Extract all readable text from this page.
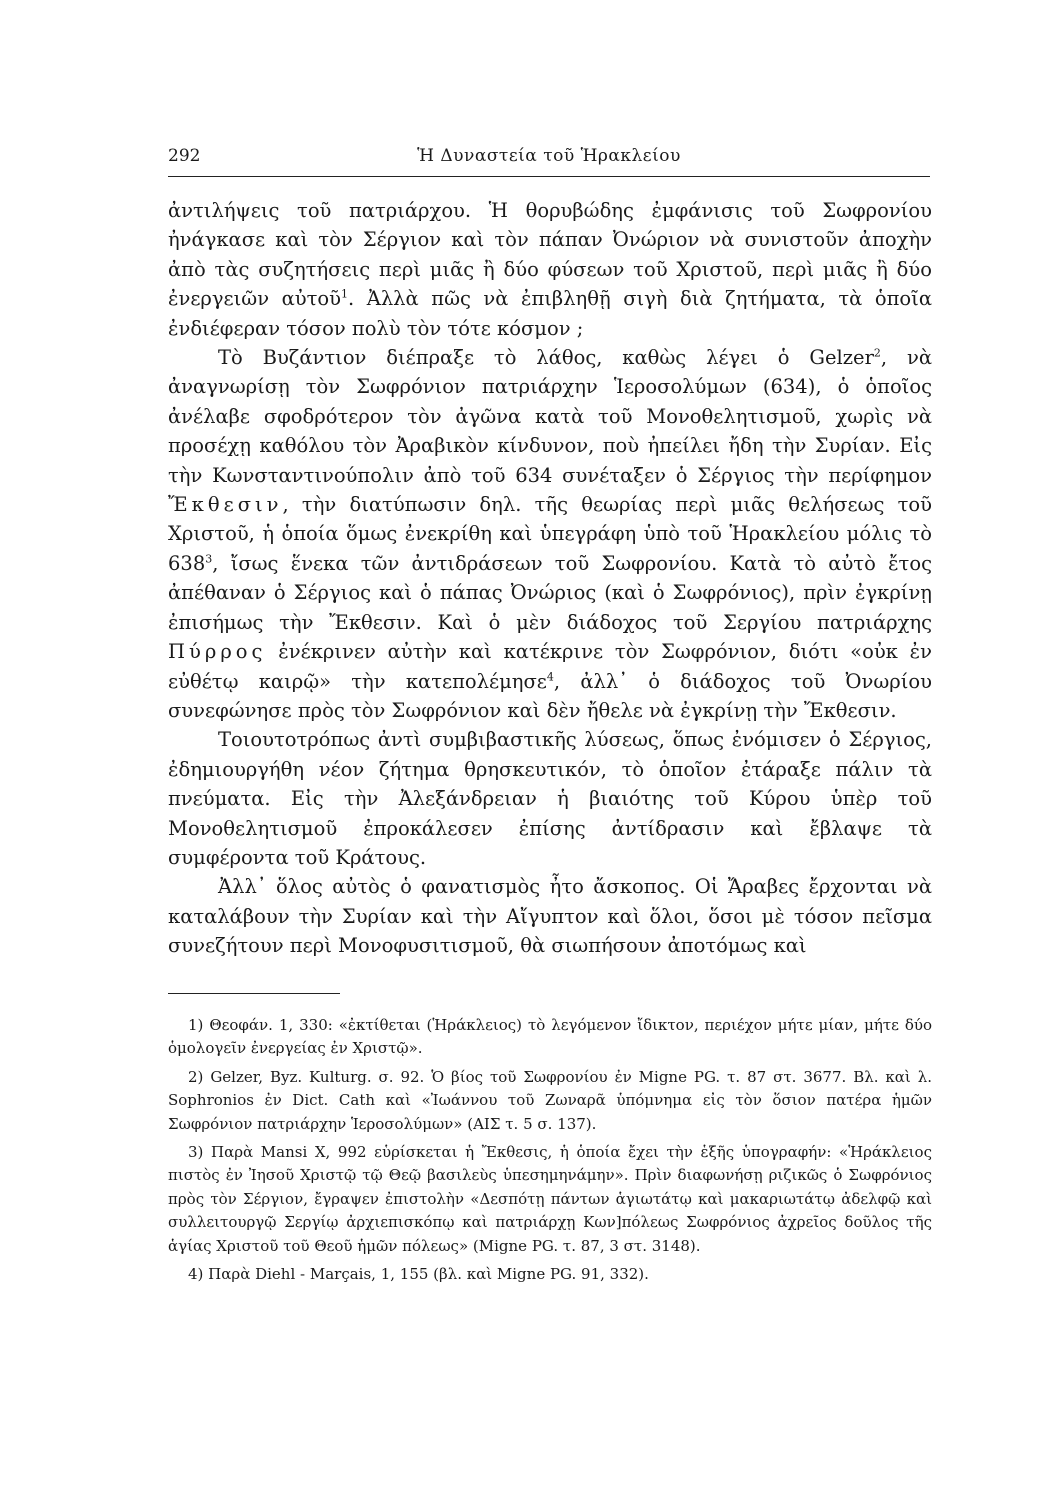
292	Ἡ Δυναστεία τοῦ Ἡρακλείου

ἀντιλήψεις τοῦ πατριάρχου. Ἡ θορυβώδης ἐμφάνισις τοῦ Σωφρονίου ἠνάγκασε καὶ τὸν Σέργιον καὶ τὸν πάπαν Ὀνώριον νὰ συνιστοῦν ἀποχὴν ἀπὸ τὰς συζητήσεις περὶ μιᾶς ἢ δύο φύσεων τοῦ Χριστοῦ, περὶ μιᾶς ἢ δύο ἐνεργειῶν αὐτοῦ$^1$. Ἀλλὰ πῶς νὰ ἐπιβληθῇ σιγὴ διὰ ζητήματα, τὰ ὁποῖα ἐνδιέφεραν τόσον πολὺ τὸν τότε κόσμον ;

Τὸ Βυζάντιον διέπραξε τὸ λάθος, καθὼς λέγει ὁ Gelzer$^2$, νὰ ἀναγνωρίσῃ τὸν Σωφρόνιον πατριάρχην Ἱεροσολύμων (634), ὁ ὁποῖος ἀνέλαβε σφοδρότερον τὸν ἀγῶνα κατὰ τοῦ Μονοθελητισμοῦ, χωρὶς νὰ προσέχῃ καθόλου τὸν Ἀραβικὸν κίνδυνον, ποὺ ἠπείλει ἤδη τὴν Συρίαν. Εἰς τὴν Κωνσταντινούπολιν ἀπὸ τοῦ 634 συνέταξεν ὁ Σέργιος τὴν περίφημον Ἔκθεσιν, τὴν διατύπωσιν δηλ. τῆς θεωρίας περὶ μιᾶς θελήσεως τοῦ Χριστοῦ, ἡ ὁποία ὅμως ἐνεκρίθη καὶ ὑπεγράφη ὑπὸ τοῦ Ἡρακλείου μόλις τὸ 638$^3$, ἴσως ἕνεκα τῶν ἀντιδράσεων τοῦ Σωφρονίου. Κατὰ τὸ αὐτὸ ἔτος ἀπέθαναν ὁ Σέργιος καὶ ὁ πάπας Ὀνώριος (καὶ ὁ Σωφρόνιος), πρὶν ἐγκρίνῃ ἐπισήμως τὴν Ἔκθεσιν. Καὶ ὁ μὲν διάδοχος τοῦ Σεργίου πατριάρχης Πύρρος ἐνέκρινεν αὐτὴν καὶ κατέκρινε τὸν Σωφρόνιον, διότι «οὐκ ἐν εὐθέτῳ καιρῷ» τὴν κατεπολέμησε$^4$, ἀλλ᾿ ὁ διάδοχος τοῦ Ὀνωρίου συνεφώνησε πρὸς τὸν Σωφρόνιον καὶ δὲν ἤθελε νὰ ἐγκρίνῃ τὴν Ἔκθεσιν.

Τοιουτοτρόπως ἀντὶ συμβιβαστικῆς λύσεως, ὅπως ἐνόμισεν ὁ Σέργιος, ἐδημιουργήθη νέον ζήτημα θρησκευτικόν, τὸ ὁποῖον ἐτάραξε πάλιν τὰ πνεύματα. Εἰς τὴν Ἀλεξάνδρειαν ἡ βιαιότης τοῦ Κύρου ὑπὲρ τοῦ Μονοθελητισμοῦ ἐπροκάλεσεν ἐπίσης ἀντίδρασιν καὶ ἔβλαψε τὰ συμφέροντα τοῦ Κράτους.

Ἀλλ᾿ ὅλος αὐτὸς ὁ φανατισμὸς ἦτο ἄσκοπος. Οἱ Ἄραβες ἔρχονται νὰ καταλάβουν τὴν Συρίαν καὶ τὴν Αἴγυπτον καὶ ὅλοι, ὅσοι μὲ τόσον πεῖσμα συνεζήτουν περὶ Μονοφυσιτισμοῦ, θὰ σιωπήσουν ἀποτόμως καὶ

1) Θεοφάν. 1, 330: «ἐκτίθεται (Ἡράκλειος) τὸ λεγόμενον ἴδικτον, περιέχον μήτε μίαν, μήτε δύο ὁμολογεῖν ἐνεργείας ἐν Χριστῷ».

2) Gelzer, Byz. Kulturg. σ. 92. Ὁ βίος τοῦ Σωφρονίου ἐν Migne PG. τ. 87 στ. 3677. Βλ. καὶ λ. Sophronios ἐν Dict. Cath καὶ «Ἰωάννου τοῦ Ζωναρᾶ ὑπόμνημα εἰς τὸν ὅσιον πατέρα ἡμῶν Σωφρόνιον πατριάρχην Ἱεροσολύμων» (ΑΙΣ τ. 5 σ. 137).

3) Παρὰ Mansi X, 992 εὑρίσκεται ἡ Ἔκθεσις, ἡ ὁποία ἔχει τὴν ἑξῆς ὑπογραφήν: «Ἡράκλειος πιστὸς ἐν Ἰησοῦ Χριστῷ τῷ Θεῷ βασιλεὺς ὑπεσημηνάμην». Πρὶν διαφωνήσῃ ριζικῶς ὁ Σωφρόνιος πρὸς τὸν Σέργιον, ἔγραψεν ἐπιστολὴν «Δεσπότῃ πάντων ἁγιωτάτῳ καὶ μακαριωτάτῳ ἀδελφῷ καὶ συλλειτουργῷ Σεργίῳ ἀρχιεπισκόπῳ καὶ πατριάρχῃ Κων]πόλεως Σωφρόνιος ἀχρεῖος δοῦλος τῆς ἁγίας Χριστοῦ τοῦ Θεοῦ ἡμῶν πόλεως» (Migne PG. τ. 87, 3 στ. 3148).

4) Παρὰ Diehl - Marçais, 1, 155 (βλ. καὶ Migne PG. 91, 332).
